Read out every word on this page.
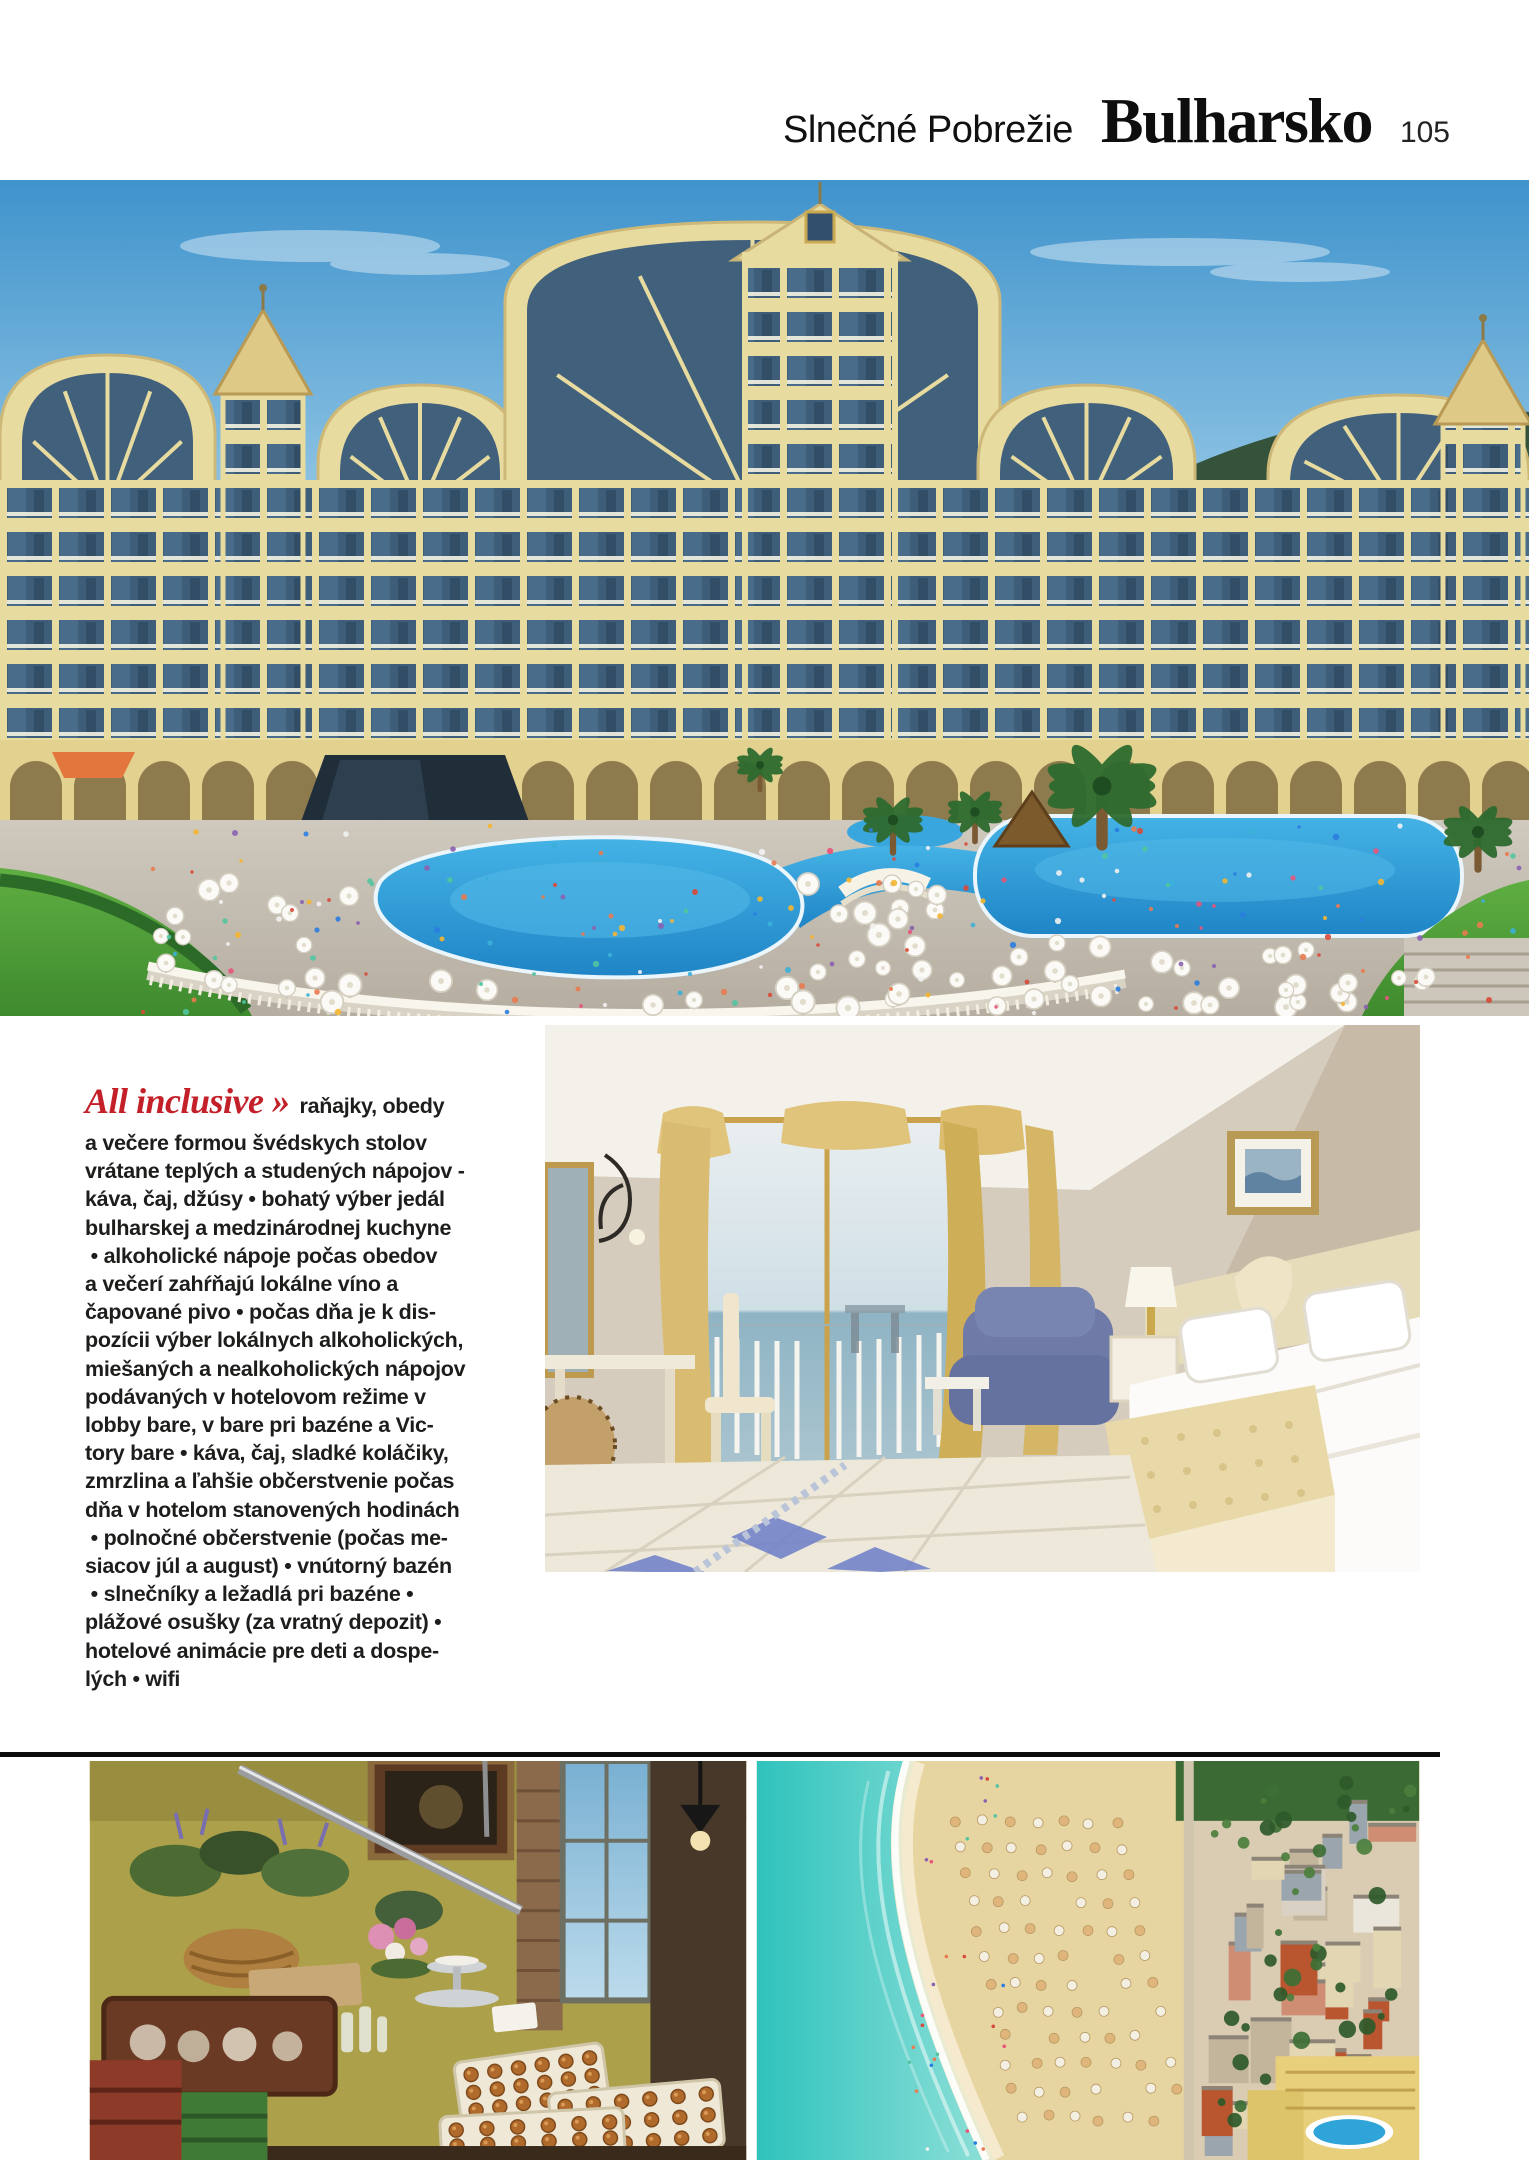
Slnečné Pobrežie Bulharsko 105
All inclusive » raňajky, obedy
a večere formou švédskych stolov
vrátane teplých a studených nápojov -
káva, čaj, džúsy • bohatý výber jedál
bulharskej a medzinárodnej kuchyne
• alkoholické nápoje počas obedov
a večerí zahŕňajú lokálne víno a
čapované pivo • počas dňa je k dis-
pozícii výber lokálnych alkoholických,
miešaných a nealkoholických nápojov
podávaných v hotelovom režime v
lobby bare, v bare pri bazéne a Vic-
tory bare • káva, čaj, sladké koláčiky,
zmrzlina a ľahšie občerstvenie počas
dňa v hotelom stanovených hodinách
• polnočné občerstvenie (počas me-
siacov júl a august) • vnútorný bazén
• slnečníky a ležadlá pri bazéne •
plážové osušky (za vratný depozit) •
hotelové animácie pre deti a dospe-
lých • wifi
